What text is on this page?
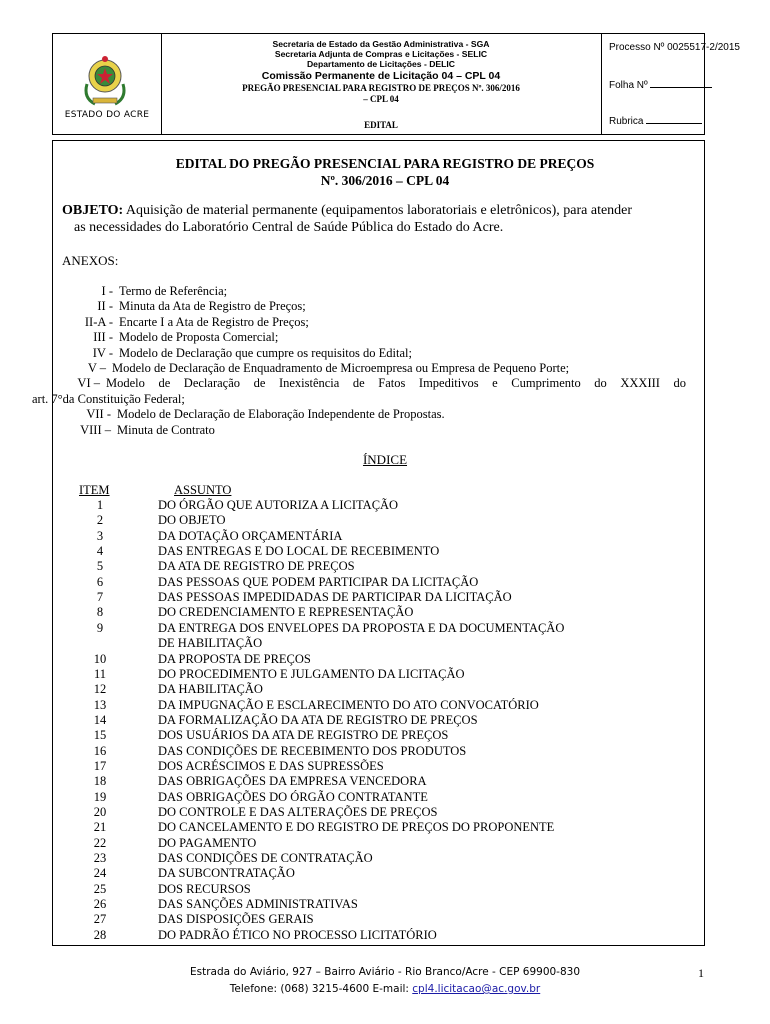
ESTADO DO ACRE
Secretaria de Estado da Gestão Administrativa - SGA
Secretaria Adjunta de Compras e Licitações - SELIC
Departamento de Licitações - DELIC
Comissão Permanente de Licitação 04 – CPL 04
PREGÃO PRESENCIAL PARA REGISTRO DE PREÇOS Nº. 306/2016
– CPL 04
EDITAL
Processo Nº 0025517-2/2015
Folha Nº
Rubrica
EDITAL DO PREGÃO PRESENCIAL PARA REGISTRO DE PREÇOS
Nº. 306/2016 – CPL 04
OBJETO: Aquisição de material permanente (equipamentos laboratoriais e eletrônicos), para atender
as necessidades do Laboratório Central de Saúde Pública do Estado do Acre.
ANEXOS:
I - Termo de Referência;
II - Minuta da Ata de Registro de Preços;
II-A - Encarte I a Ata de Registro de Preços;
III - Modelo de Proposta Comercial;
IV - Modelo de Declaração que cumpre os requisitos do Edital;
V – Modelo de Declaração de Enquadramento de Microempresa ou Empresa de Pequeno Porte;
VI – Modelo de Declaração de Inexistência de Fatos Impeditivos e Cumprimento do XXXIII do
art. 7°da Constituição Federal;
VII - Modelo de Declaração de Elaboração Independente de Propostas.
VIII – Minuta de Contrato
ÍNDICE
ITEM	ASSUNTO
1	DO ÓRGÃO QUE AUTORIZA A LICITAÇÃO
2	DO OBJETO
3	DA DOTAÇÃO ORÇAMENTÁRIA
4	DAS ENTREGAS E DO LOCAL DE RECEBIMENTO
5	DA ATA DE REGISTRO DE PREÇOS
6	DAS PESSOAS QUE PODEM PARTICIPAR DA LICITAÇÃO
7	DAS PESSOAS IMPEDIDADAS DE PARTICIPAR DA LICITAÇÃO
8	DO CREDENCIAMENTO E REPRESENTAÇÃO
9	DA ENTREGA DOS ENVELOPES DA PROPOSTA E DA DOCUMENTAÇÃO
DE HABILITAÇÃO
10	DA PROPOSTA DE PREÇOS
11	DO PROCEDIMENTO E JULGAMENTO DA LICITAÇÃO
12	DA HABILITAÇÃO
13	DA IMPUGNAÇÃO E ESCLARECIMENTO DO ATO CONVOCATÓRIO
14	DA FORMALIZAÇÃO DA ATA DE REGISTRO DE PREÇOS
15	DOS USUÁRIOS DA ATA DE REGISTRO DE PREÇOS
16	DAS CONDIÇÕES DE RECEBIMENTO DOS PRODUTOS
17	DOS ACRÉSCIMOS E DAS SUPRESSÕES
18	DAS OBRIGAÇÕES DA EMPRESA VENCEDORA
19	DAS OBRIGAÇÕES DO ÓRGÃO CONTRATANTE
20	DO CONTROLE E DAS ALTERAÇÕES DE PREÇOS
21	DO CANCELAMENTO E DO REGISTRO DE PREÇOS DO PROPONENTE
22	DO PAGAMENTO
23	DAS CONDIÇÕES DE CONTRATAÇÃO
24	DA SUBCONTRATAÇÃO
25	DOS RECURSOS
26	DAS SANÇÕES ADMINISTRATIVAS
27	DAS DISPOSIÇÕES GERAIS
28	DO PADRÃO ÉTICO NO PROCESSO LICITATÓRIO
Estrada do Aviário, 927 – Bairro Aviário - Rio Branco/Acre - CEP 69900-830
Telefone: (068) 3215-4600 E-mail: cpl4.licitacao@ac.gov.br
1
